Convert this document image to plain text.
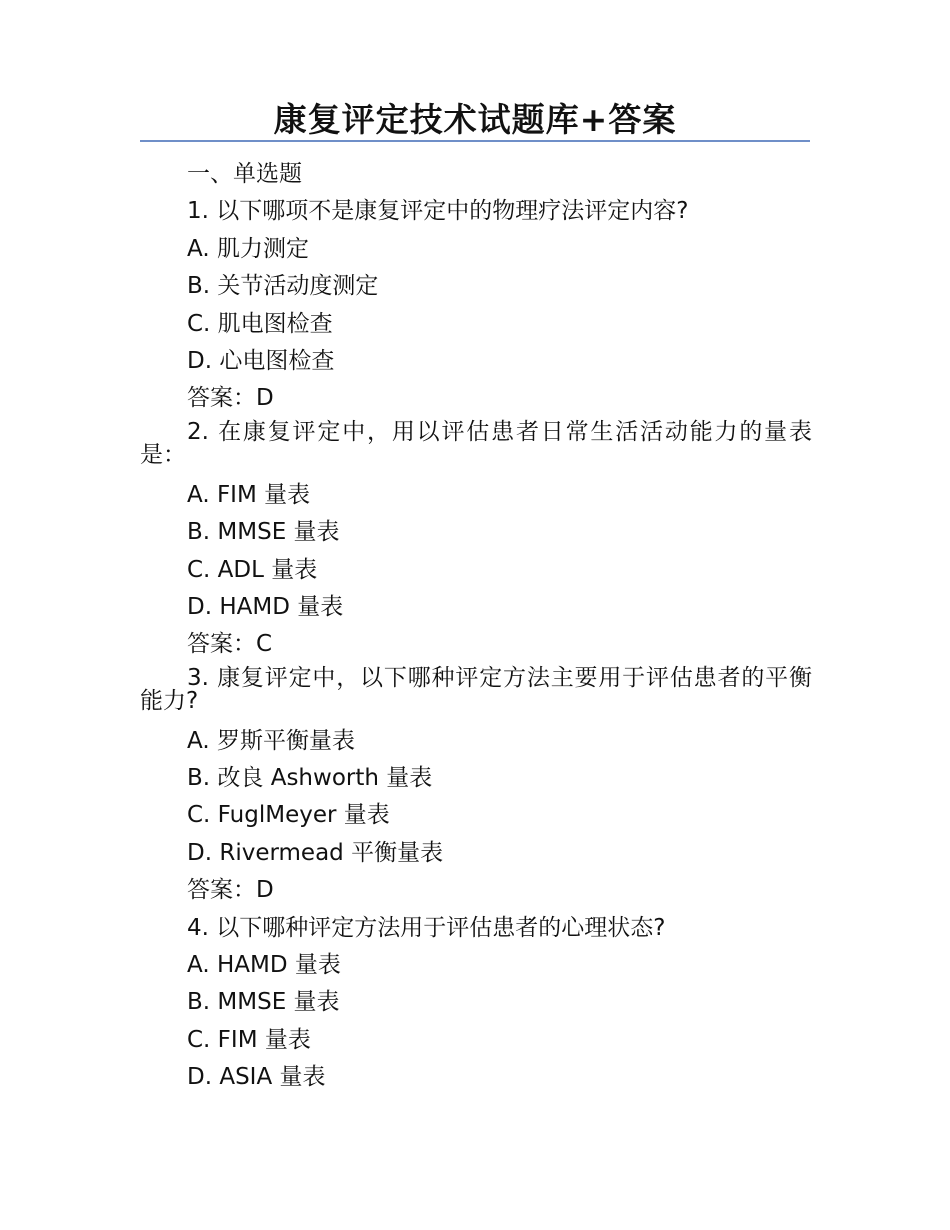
康复评定技术试题库+答案

一、单选题

1. 以下哪项不是康复评定中的物理疗法评定内容?

A. 肌力测定

B. 关节活动度测定

C. 肌电图检查

D. 心电图检查

答案：D

2. 在康复评定中，用以评估患者日常生活活动能力的量表是：

A. FIM 量表

B. MMSE 量表

C. ADL 量表

D. HAMD 量表

答案：C

3. 康复评定中，以下哪种评定方法主要用于评估患者的平衡能力?

A. 罗斯平衡量表

B. 改良 Ashworth 量表

C. FuglMeyer 量表

D. Rivermead 平衡量表

答案：D

4. 以下哪种评定方法用于评估患者的心理状态?

A. HAMD 量表

B. MMSE 量表

C. FIM 量表

D. ASIA 量表
